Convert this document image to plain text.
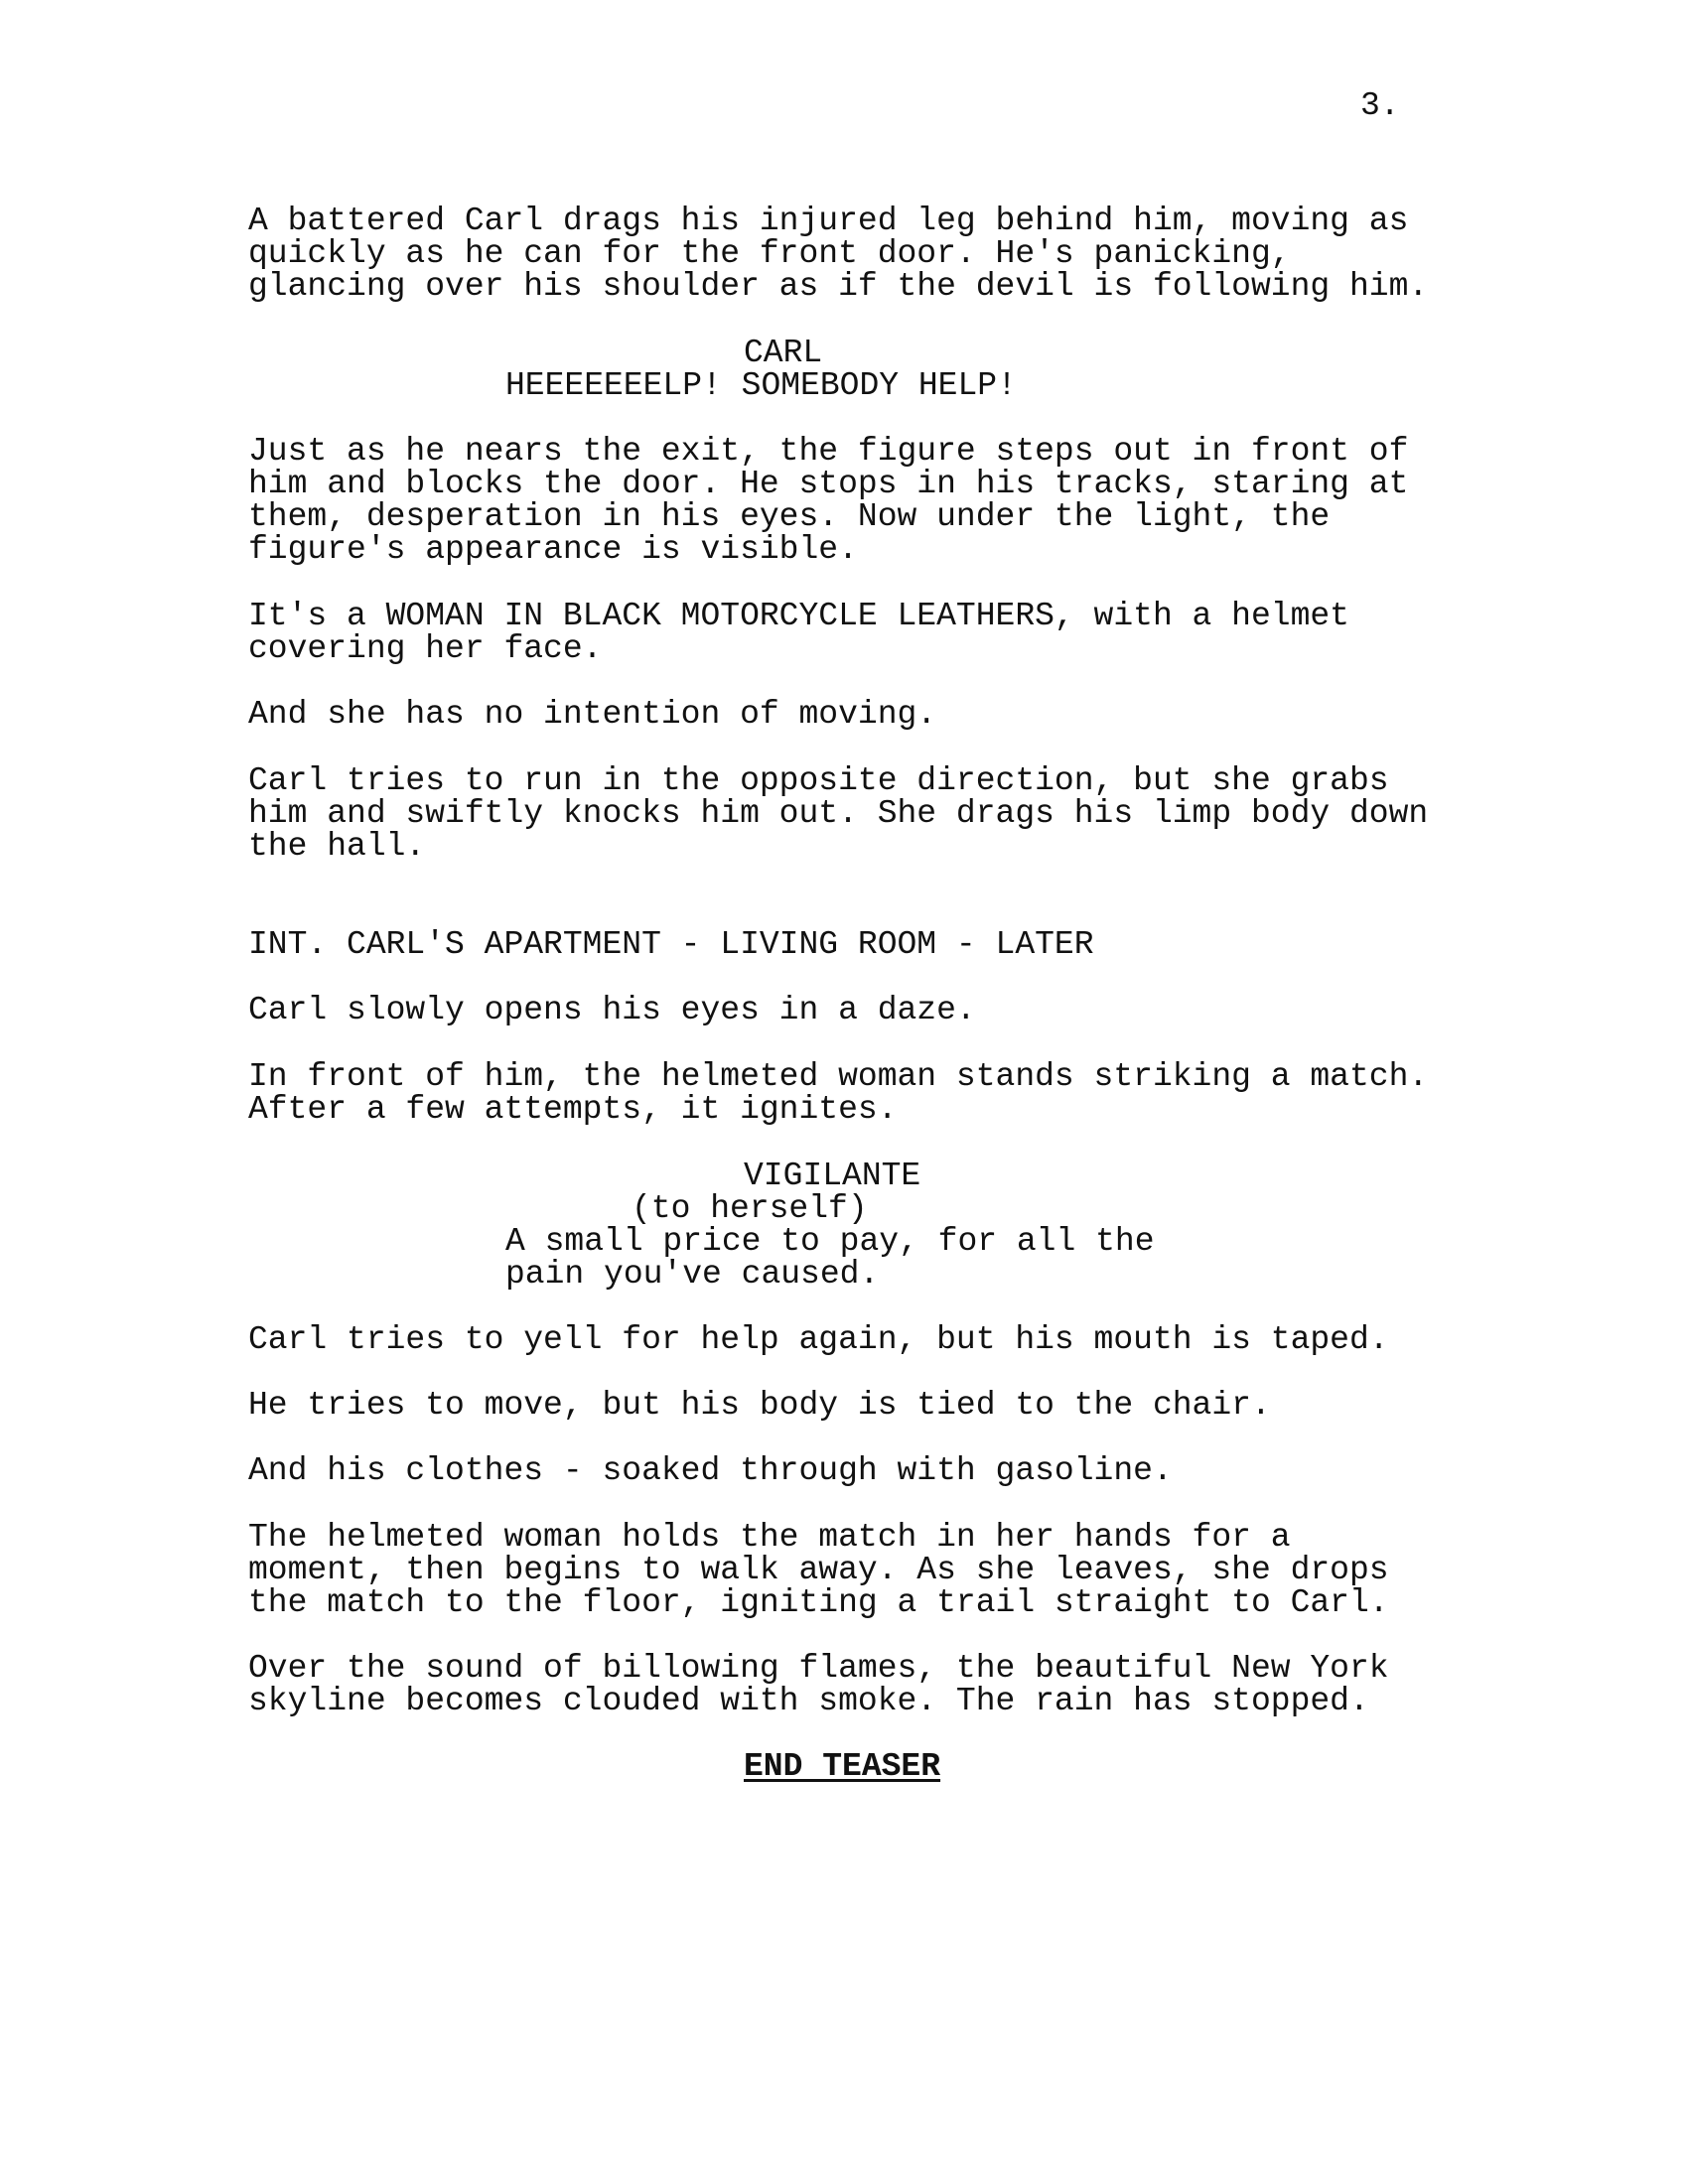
3.
A battered Carl drags his injured leg behind him, moving as
quickly as he can for the front door. He's panicking,
glancing over his shoulder as if the devil is following him.
CARL
HEEEEEEELP! SOMEBODY HELP!
Just as he nears the exit, the figure steps out in front of
him and blocks the door. He stops in his tracks, staring at
them, desperation in his eyes. Now under the light, the
figure's appearance is visible.
It's a WOMAN IN BLACK MOTORCYCLE LEATHERS, with a helmet
covering her face.
And she has no intention of moving.
Carl tries to run in the opposite direction, but she grabs
him and swiftly knocks him out. She drags his limp body down
the hall.
INT. CARL'S APARTMENT - LIVING ROOM - LATER
Carl slowly opens his eyes in a daze.
In front of him, the helmeted woman stands striking a match.
After a few attempts, it ignites.
VIGILANTE
(to herself)
A small price to pay, for all the
pain you've caused.
Carl tries to yell for help again, but his mouth is taped.
He tries to move, but his body is tied to the chair.
And his clothes - soaked through with gasoline.
The helmeted woman holds the match in her hands for a
moment, then begins to walk away. As she leaves, she drops
the match to the floor, igniting a trail straight to Carl.
Over the sound of billowing flames, the beautiful New York
skyline becomes clouded with smoke. The rain has stopped.
END TEASER
